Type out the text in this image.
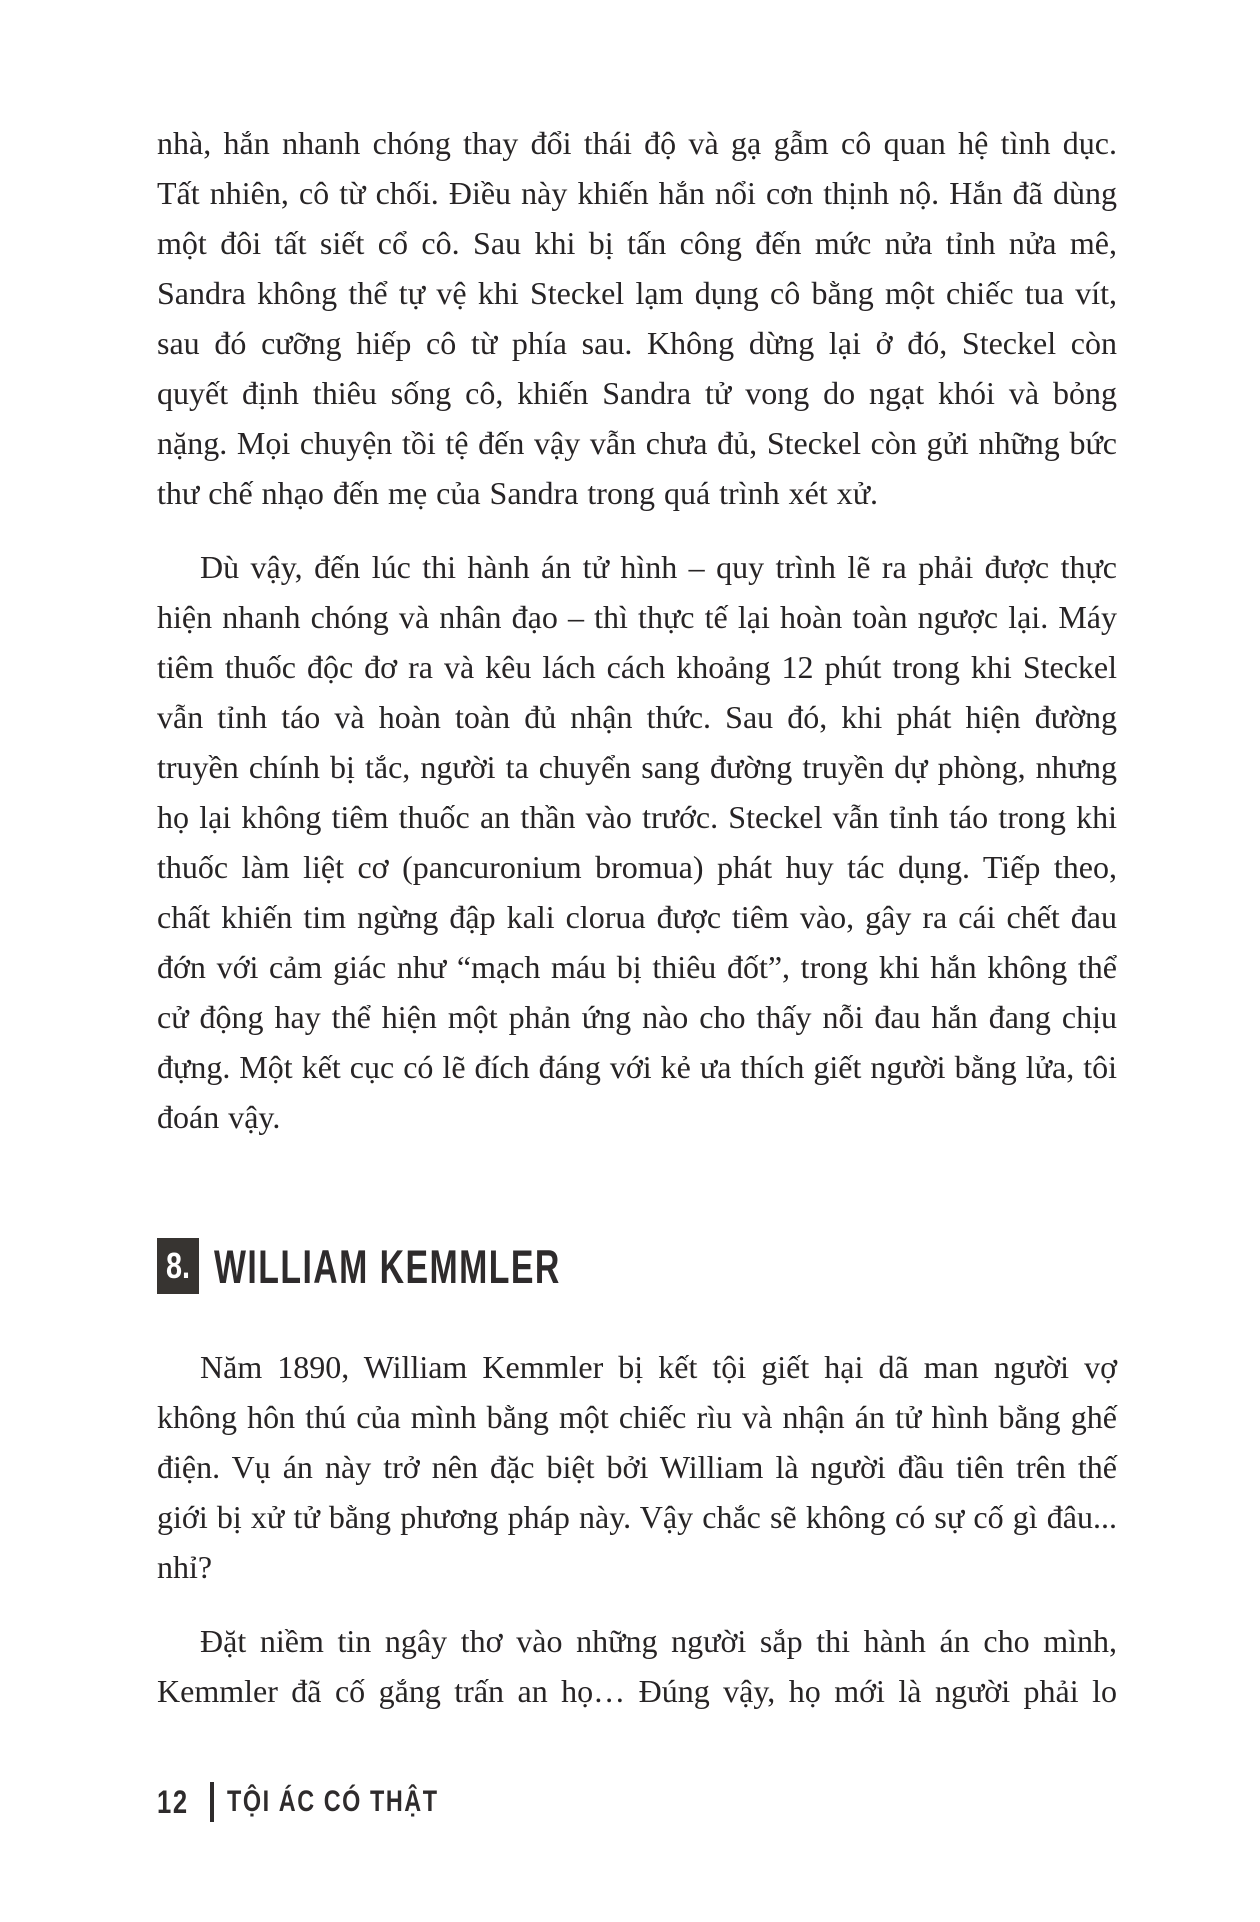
nhà, hắn nhanh chóng thay đổi thái độ và gạ gẫm cô quan hệ tình dục. Tất nhiên, cô từ chối. Điều này khiến hắn nổi cơn thịnh nộ. Hắn đã dùng một đôi tất siết cổ cô. Sau khi bị tấn công đến mức nửa tỉnh nửa mê, Sandra không thể tự vệ khi Steckel lạm dụng cô bằng một chiếc tua vít, sau đó cưỡng hiếp cô từ phía sau. Không dừng lại ở đó, Steckel còn quyết định thiêu sống cô, khiến Sandra tử vong do ngạt khói và bỏng nặng. Mọi chuyện tồi tệ đến vậy vẫn chưa đủ, Steckel còn gửi những bức thư chế nhạo đến mẹ của Sandra trong quá trình xét xử.

Dù vậy, đến lúc thi hành án tử hình – quy trình lẽ ra phải được thực hiện nhanh chóng và nhân đạo – thì thực tế lại hoàn toàn ngược lại. Máy tiêm thuốc độc đơ ra và kêu lách cách khoảng 12 phút trong khi Steckel vẫn tỉnh táo và hoàn toàn đủ nhận thức. Sau đó, khi phát hiện đường truyền chính bị tắc, người ta chuyển sang đường truyền dự phòng, nhưng họ lại không tiêm thuốc an thần vào trước. Steckel vẫn tỉnh táo trong khi thuốc làm liệt cơ (pancuronium bromua) phát huy tác dụng. Tiếp theo, chất khiến tim ngừng đập kali clorua được tiêm vào, gây ra cái chết đau đớn với cảm giác như “mạch máu bị thiêu đốt”, trong khi hắn không thể cử động hay thể hiện một phản ứng nào cho thấy nỗi đau hắn đang chịu đựng. Một kết cục có lẽ đích đáng với kẻ ưa thích giết người bằng lửa, tôi đoán vậy.

8. WILLIAM KEMMLER

Năm 1890, William Kemmler bị kết tội giết hại dã man người vợ không hôn thú của mình bằng một chiếc rìu và nhận án tử hình bằng ghế điện. Vụ án này trở nên đặc biệt bởi William là người đầu tiên trên thế giới bị xử tử bằng phương pháp này. Vậy chắc sẽ không có sự cố gì đâu... nhỉ?

Đặt niềm tin ngây thơ vào những người sắp thi hành án cho mình, Kemmler đã cố gắng trấn an họ… Đúng vậy, họ mới là người phải lo

12 TỘI ÁC CÓ THẬT
